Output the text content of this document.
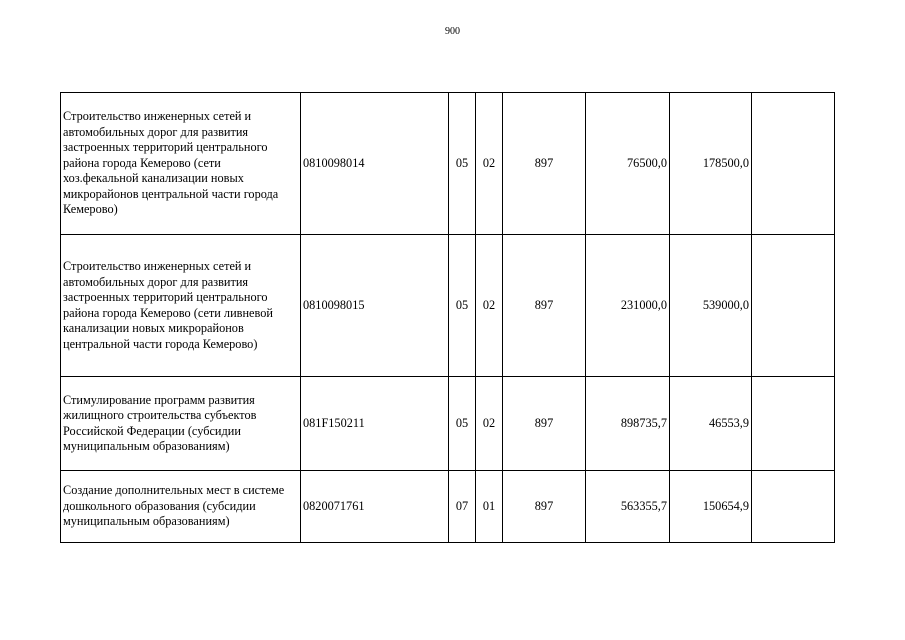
900
Строительство инженерных сетей и автомобильных дорог для развития застроенных территорий центрального района города Кемерово (сети хоз.фекальной канализации новых микрорайонов центральной части города Кемерово)	0810098014	05	02	897	76500,0	178500,0	
Строительство инженерных сетей и автомобильных дорог для развития застроенных территорий центрального района города Кемерово (сети ливневой канализации новых микрорайонов центральной части города Кемерово)	0810098015	05	02	897	231000,0	539000,0	
Стимулирование программ развития жилищного строительства субъектов Российской Федерации (субсидии муниципальным образованиям)	081F150211	05	02	897	898735,7	46553,9	
Создание дополнительных мест в системе дошкольного образования (субсидии муниципальным образованиям)	0820071761	07	01	897	563355,7	150654,9	
